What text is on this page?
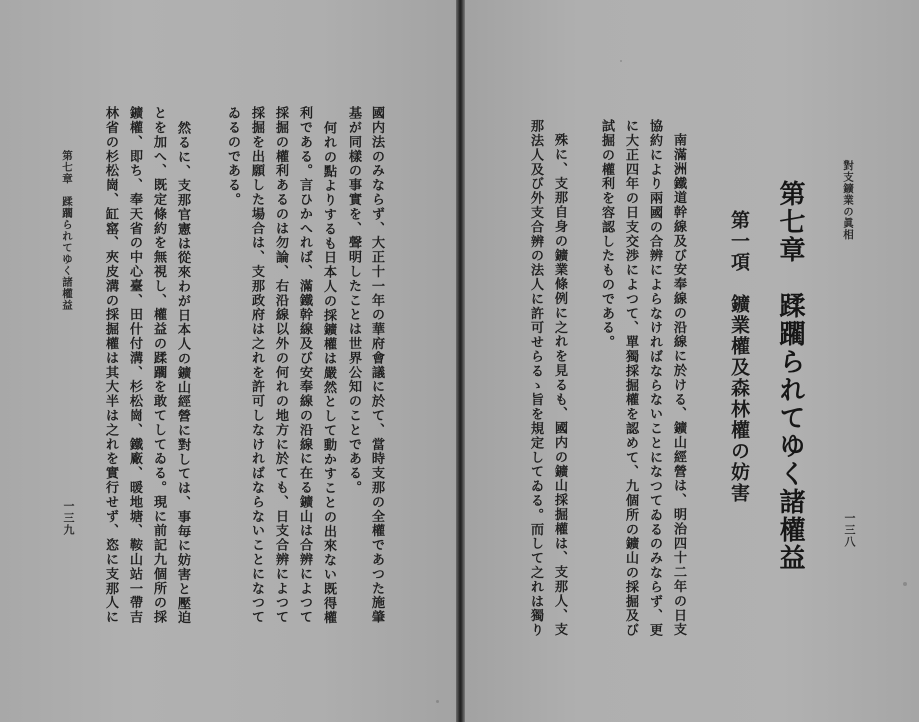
國内法のみならず、大正十一年の華府會議に於て、當時支那の全權であつた施肇
基が同樣の事實を、聲明したことは世界公知のことである。
何れの點よりするも日本人の採鑛權は嚴然として動かすことの出來ない既得權
利である。言ひかへれば、滿鐵幹線及び安奉線の沿線に在る鑛山は合辨によつて
採掘の權利あるのは勿論、右沿線以外の何れの地方に於ても、日支合辨によつて
採掘を出願した場合は、支那政府は之れを許可しなければならないことになつて
ゐるのである。
然るに、支那官憲は從來わが日本人の鑛山經營に對しては、事毎に妨害と壓迫
とを加へ、既定條約を無視し、權益の蹂躙を敢てしてゐる。現に前記九個所の採
鑛權、即ち、奉天省の中心臺、田什付溝、杉松崗、鐵廠、暖地塘、鞍山站一帶吉
林省の杉松崗、缸窰、夾皮溝の採掘權は其大半は之れを實行せず、恣に支那人に
第七章　蹂躙られてゆく諸權益
一三九
對支鑛業の眞相
第七章　蹂躙られてゆく諸權益
第一項　鑛業權及森林權の妨害
南滿洲鐵道幹線及び安奉線の沿線に於ける、鑛山經營は、明治四十二年の日支
協約により兩國の合辨によらなければならないことになつてゐるのみならず、更
に大正四年の日支交渉によつて、單獨採掘權を認めて、九個所の鑛山の採掘及び
試掘の權利を容認したものである。
殊に、支那自身の鑛業條例に之れを見るも、國内の鑛山採掘權は、支那人、支
那法人及び外支合辨の法人に許可せらるゝ旨を規定してゐる。而して之れは獨り	一三八
